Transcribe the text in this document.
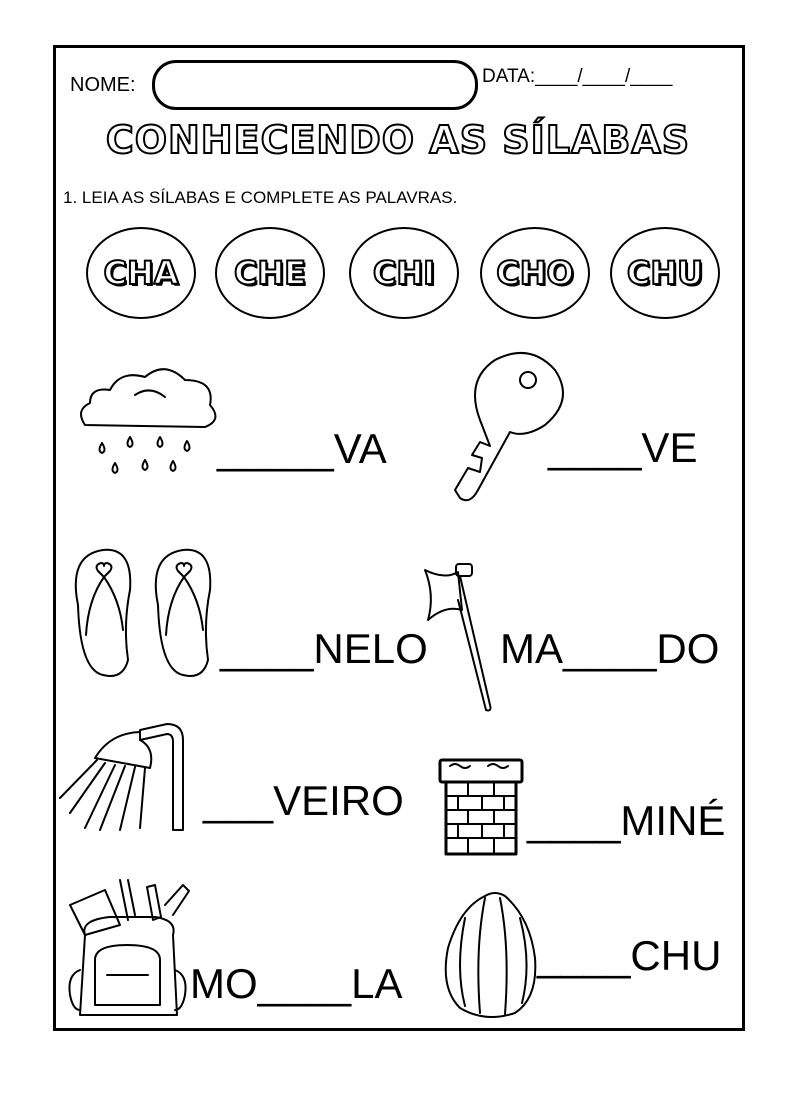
NOME:	DATA:____/____/____
CONHECENDO AS SÍLABAS
1. LEIA AS SÍLABAS E COMPLETE AS PALAVRAS.
CHA CHE CHI CHO CHU
_____VA	____VE
____NELO MA____DO
___VEIRO	____MINÉ
MO____LA
____CHU
